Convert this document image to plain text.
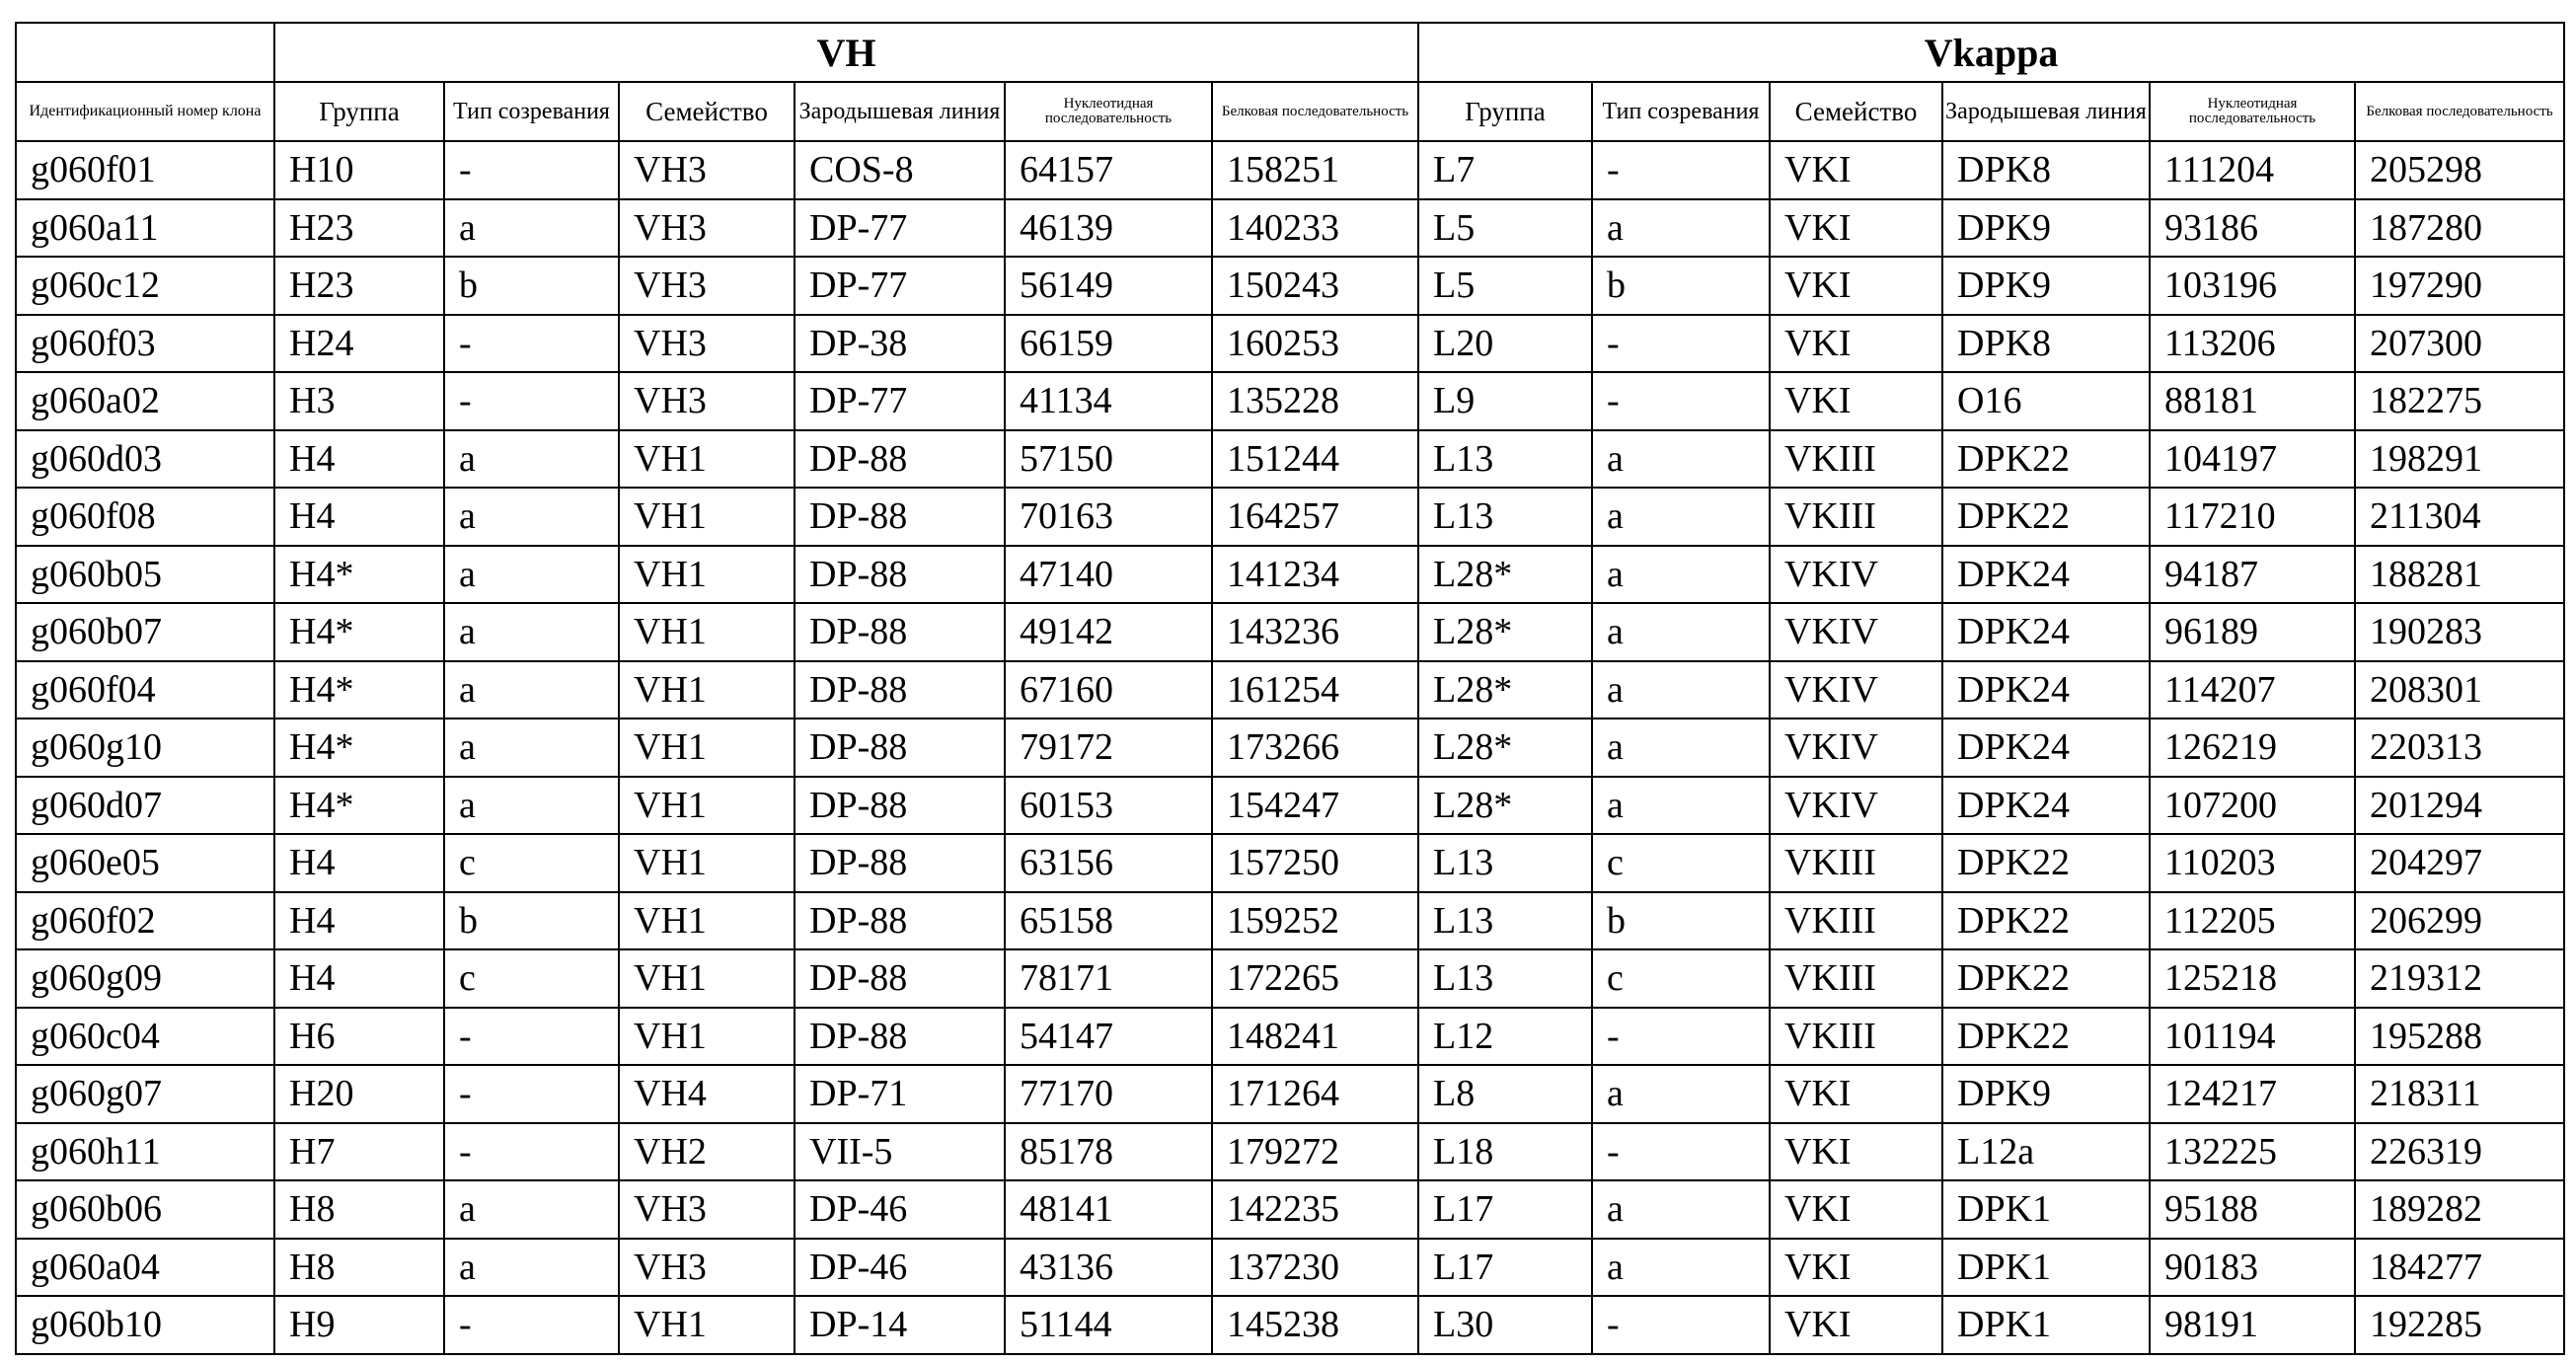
	VH						Vkappa					
Идентификационный номер клона	Группа	Тип созревания	Семейство	Зародышевая линия	Нуклеотидная последовательность	Белковая последовательность	Группа	Тип созревания	Семейство	Зародышевая линия	Нуклеотидная последовательность	Белковая последовательность
g060f01	H10	-	VH3	COS-8	64157	158251	L7	-	VKI	DPK8	111204	205298
g060a11	H23	a	VH3	DP-77	46139	140233	L5	a	VKI	DPK9	93186	187280
g060c12	H23	b	VH3	DP-77	56149	150243	L5	b	VKI	DPK9	103196	197290
g060f03	H24	-	VH3	DP-38	66159	160253	L20	-	VKI	DPK8	113206	207300
g060a02	H3	-	VH3	DP-77	41134	135228	L9	-	VKI	O16	88181	182275
g060d03	H4	a	VH1	DP-88	57150	151244	L13	a	VKIII	DPK22	104197	198291
g060f08	H4	a	VH1	DP-88	70163	164257	L13	a	VKIII	DPK22	117210	211304
g060b05	H4*	a	VH1	DP-88	47140	141234	L28*	a	VKIV	DPK24	94187	188281
g060b07	H4*	a	VH1	DP-88	49142	143236	L28*	a	VKIV	DPK24	96189	190283
g060f04	H4*	a	VH1	DP-88	67160	161254	L28*	a	VKIV	DPK24	114207	208301
g060g10	H4*	a	VH1	DP-88	79172	173266	L28*	a	VKIV	DPK24	126219	220313
g060d07	H4*	a	VH1	DP-88	60153	154247	L28*	a	VKIV	DPK24	107200	201294
g060e05	H4	c	VH1	DP-88	63156	157250	L13	c	VKIII	DPK22	110203	204297
g060f02	H4	b	VH1	DP-88	65158	159252	L13	b	VKIII	DPK22	112205	206299
g060g09	H4	c	VH1	DP-88	78171	172265	L13	c	VKIII	DPK22	125218	219312
g060c04	H6	-	VH1	DP-88	54147	148241	L12	-	VKIII	DPK22	101194	195288
g060g07	H20	-	VH4	DP-71	77170	171264	L8	a	VKI	DPK9	124217	218311
g060h11	H7	-	VH2	VII-5	85178	179272	L18	-	VKI	L12a	132225	226319
g060b06	H8	a	VH3	DP-46	48141	142235	L17	a	VKI	DPK1	95188	189282
g060a04	H8	a	VH3	DP-46	43136	137230	L17	a	VKI	DPK1	90183	184277
g060b10	H9	-	VH1	DP-14	51144	145238	L30	-	VKI	DPK1	98191	192285
